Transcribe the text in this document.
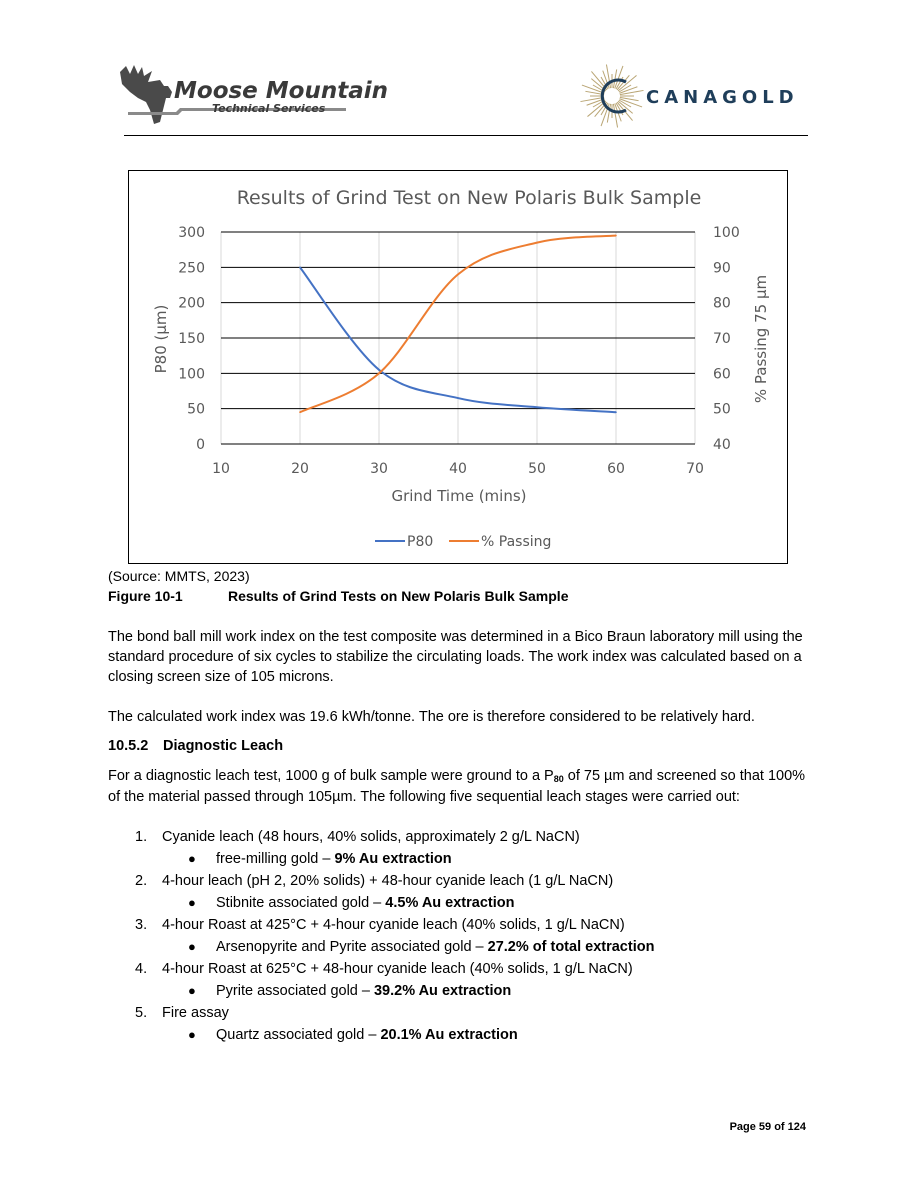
Moose Mountain
Technical Services
CANAGOLD
Results of Grind Test on New Polaris Bulk Sample
10	20	30	40	50	60	70
0
50
100
150
200
250
300
40
50
60
70
80
90
100
Grind Time (mins)
P80 (µm)	% Passing 75 µm
P80	% Passing
(Source: MMTS, 2023)
Figure 10-1	Results of Grind Tests on New Polaris Bulk Sample
The bond ball mill work index on the test composite was determined in a Bico Braun laboratory mill using the standard procedure of six cycles to stabilize the circulating loads. The work index was calculated based on a closing screen size of 105 microns.
The calculated work index was 19.6 kWh/tonne. The ore is therefore considered to be relatively hard.
10.5.2 Diagnostic Leach
For a diagnostic leach test, 1000 g of bulk sample were ground to a P80 of 75 µm and screened so that 100% of the material passed through 105µm. The following five sequential leach stages were carried out:
1. Cyanide leach (48 hours, 40% solids, approximately 2 g/L NaCN)
● free-milling gold – 9% Au extraction
2. 4-hour leach (pH 2, 20% solids) + 48-hour cyanide leach (1 g/L NaCN)
● Stibnite associated gold – 4.5% Au extraction
3. 4-hour Roast at 425°C + 4-hour cyanide leach (40% solids, 1 g/L NaCN)
● Arsenopyrite and Pyrite associated gold – 27.2% of total extraction
4. 4-hour Roast at 625°C + 48-hour cyanide leach (40% solids, 1 g/L NaCN)
● Pyrite associated gold – 39.2% Au extraction
5. Fire assay
● Quartz associated gold – 20.1% Au extraction
Page 59 of 124
